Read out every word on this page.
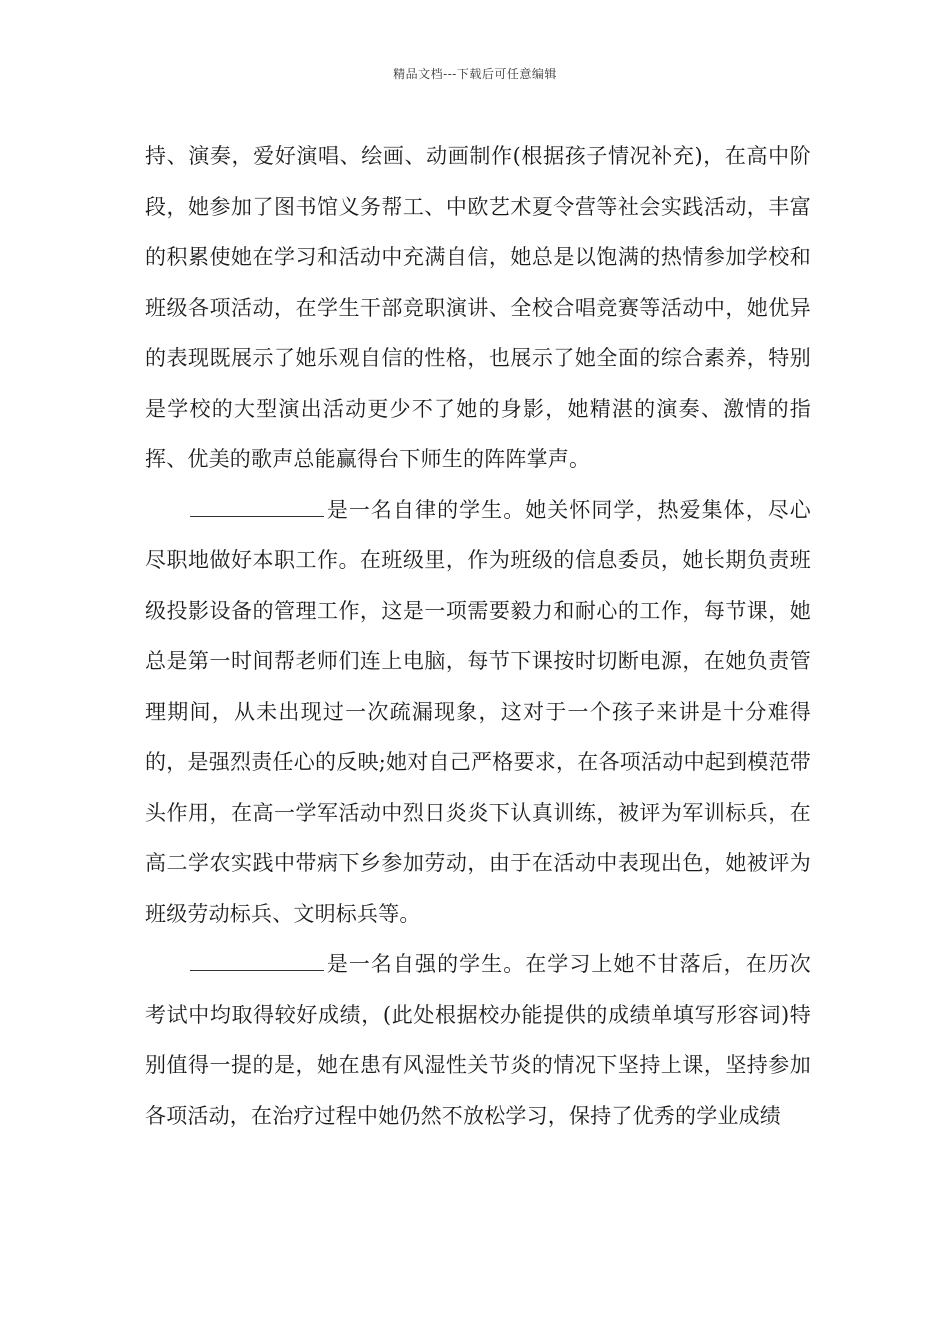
精品文档---下载后可任意编辑

持、演奏，爱好演唱、绘画、动画制作(根据孩子情况补充)，在高中阶段，她参加了图书馆义务帮工、中欧艺术夏令营等社会实践活动，丰富的积累使她在学习和活动中充满自信，她总是以饱满的热情参加学校和班级各项活动，在学生干部竞职演讲、全校合唱竞赛等活动中，她优异的表现既展示了她乐观自信的性格，也展示了她全面的综合素养，特别是学校的大型演出活动更少不了她的身影，她精湛的演奏、激情的指挥、优美的歌声总能赢得台下师生的阵阵掌声。

是一名自律的学生。她关怀同学，热爱集体，尽心尽职地做好本职工作。在班级里，作为班级的信息委员，她长期负责班级投影设备的管理工作，这是一项需要毅力和耐心的工作，每节课，她总是第一时间帮老师们连上电脑，每节下课按时切断电源，在她负责管理期间，从未出现过一次疏漏现象，这对于一个孩子来讲是十分难得的，是强烈责任心的反映;她对自己严格要求，在各项活动中起到模范带头作用，在高一学军活动中烈日炎炎下认真训练，被评为军训标兵，在高二学农实践中带病下乡参加劳动，由于在活动中表现出色，她被评为班级劳动标兵、文明标兵等。

是一名自强的学生。在学习上她不甘落后，在历次考试中均取得较好成绩，(此处根据校办能提供的成绩单填写形容词)特别值得一提的是，她在患有风湿性关节炎的情况下坚持上课，坚持参加各项活动，在治疗过程中她仍然不放松学习，保持了优秀的学业成绩
